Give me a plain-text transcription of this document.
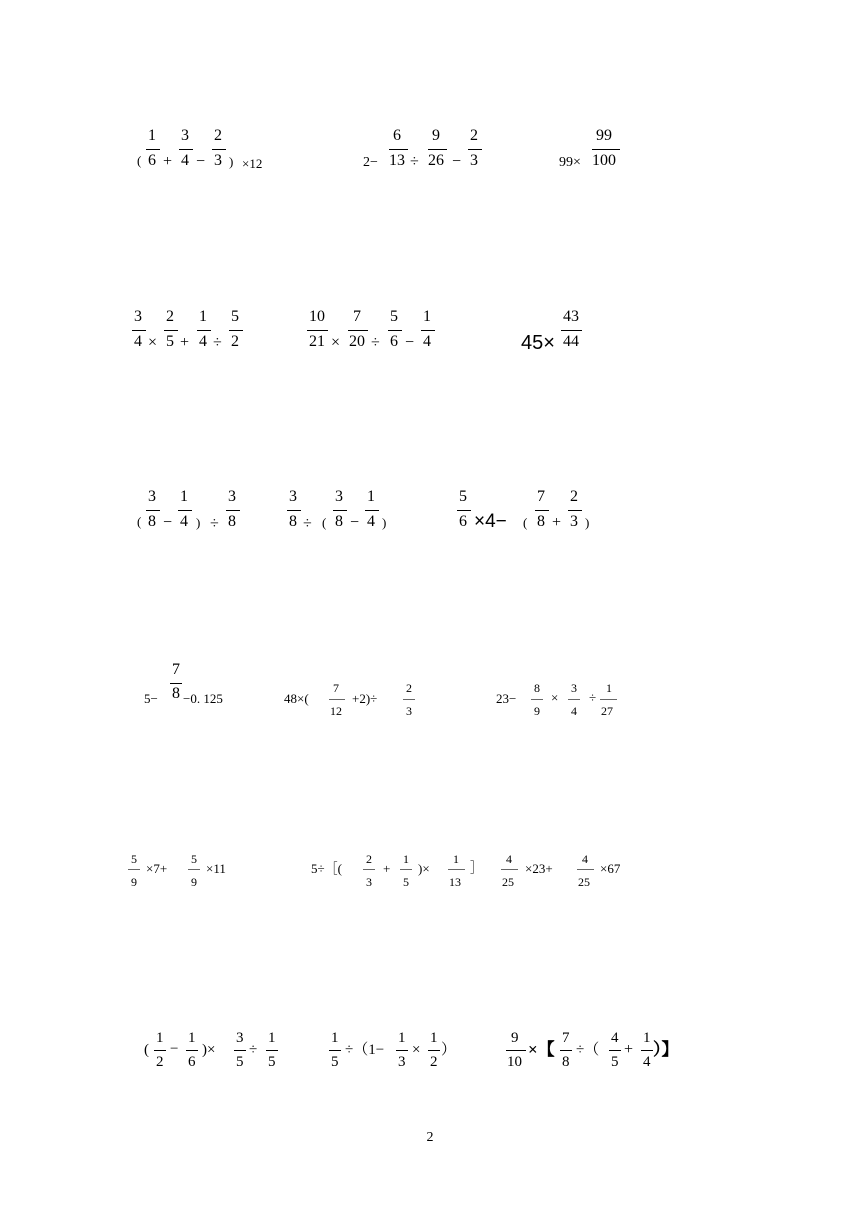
(
1
6 +
3
4 −
2
3 ) ×12	2−
6
13 ÷
9
26 −
2
3	99×
99
100
3
4 ×
2
5 +
1
4 ÷
5
2
10
21 ×
7
20 ÷
5
6 −
1
4	45×
43
44
(
3
8 −
1
4 ) ÷
3
8
3
8 ÷ (
3
8 −
1
4 )
5
6 ×4− (
7
8 +
2
3 )
5−
7
8 −0. 125	48×(
7
12
+2)÷
2
3
23−
8
9
×
3
4
÷
1
27
5
9
×7+
5
9
×11	5÷［(
2
3
+
1
5
)×
1
13
］
4
25
×23+
4
25
×67
(
1
2
−
1
6
)×
3
5
÷
1
5
1
5
÷（1−
1
3
×
1
2
）
9
10
×【
7
8
÷（
4
5
+
1
4
）】
2
